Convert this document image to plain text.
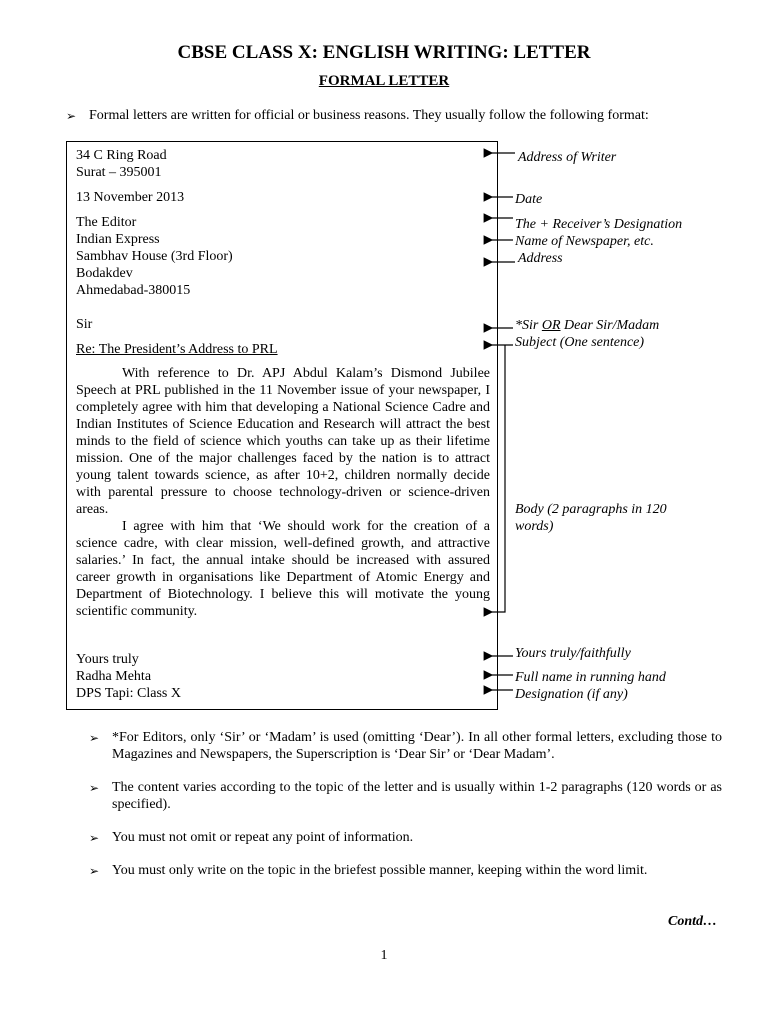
CBSE CLASS X: ENGLISH WRITING: LETTER
FORMAL LETTER
➢ Formal letters are written for official or business reasons. They usually follow the following format:
34 C Ring Road
Surat – 395001
13 November 2013
The Editor
Indian Express
Sambhav House (3rd Floor)
Bodakdev
Ahmedabad-380015
Sir
Re: The President’s Address to PRL

With reference to Dr. APJ Abdul Kalam’s Dismond Jubilee Speech at PRL published in the 11 November issue of your newspaper, I completely agree with him that developing a National Science Cadre and Indian Institutes of Science Education and Research will attract the best minds to the field of science which youths can take up as their lifetime mission. One of the major challenges faced by the nation is to attract young talent towards science, as after 10+2, children normally decide with parental pressure to choose technology-driven or science-driven areas.

I agree with him that ‘We should work for the creation of a science cadre, with clear mission, well-defined growth, and attractive salaries.’ In fact, the annual intake should be increased with assured career growth in organisations like Department of Atomic Energy and Department of Biotechnology. I believe this will motivate the young scientific community.

Yours truly
Radha Mehta
DPS Tapi: Class X
Address of Writer
Date
The + Receiver’s Designation
Name of Newspaper, etc.
Address
*Sir OR Dear Sir/Madam
Subject (One sentence)
Body (2 paragraphs in 120 words)
Yours truly/faithfully
Full name in running hand
Designation (if any)
➢ *For Editors, only ‘Sir’ or ‘Madam’ is used (omitting ‘Dear’). In all other formal letters, excluding those to Magazines and Newspapers, the Superscription is ‘Dear Sir’ or ‘Dear Madam’.
➢ The content varies according to the topic of the letter and is usually within 1-2 paragraphs (120 words or as specified).
➢ You must not omit or repeat any point of information.
➢ You must only write on the topic in the briefest possible manner, keeping within the word limit.
Contd…
1
